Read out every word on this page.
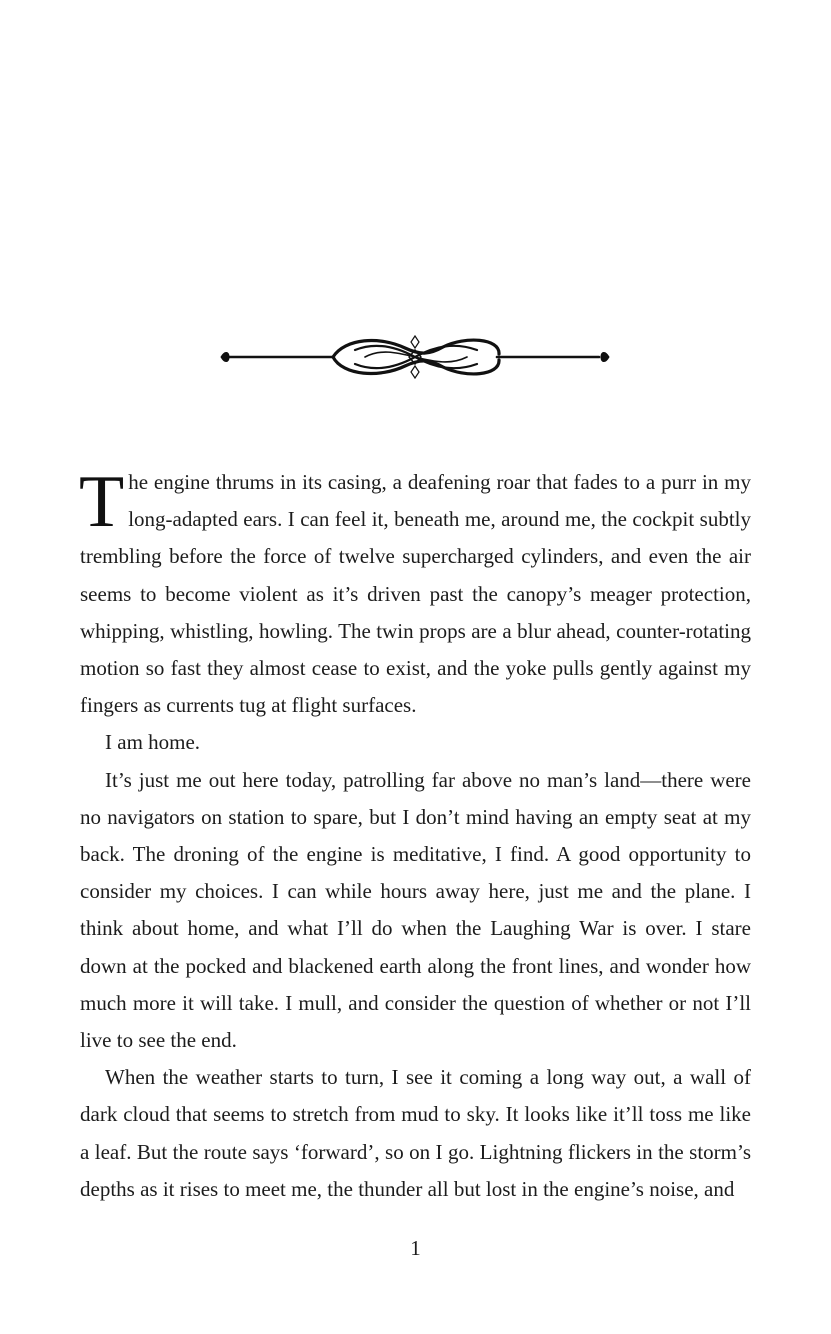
The engine thrums in its casing, a deafening roar that fades to a purr in my long-adapted ears. I can feel it, beneath me, around me, the cockpit subtly trembling before the force of twelve supercharged cylinders, and even the air seems to become violent as it’s driven past the canopy’s meager protection, whipping, whistling, howling. The twin props are a blur ahead, counter-rotating motion so fast they almost cease to exist, and the yoke pulls gently against my fingers as currents tug at flight surfaces.

I am home.

It’s just me out here today, patrolling far above no man’s land—there were no navigators on station to spare, but I don’t mind having an empty seat at my back. The droning of the engine is meditative, I find. A good opportunity to consider my choices. I can while hours away here, just me and the plane. I think about home, and what I’ll do when the Laughing War is over. I stare down at the pocked and blackened earth along the front lines, and wonder how much more it will take. I mull, and consider the question of whether or not I’ll live to see the end.

When the weather starts to turn, I see it coming a long way out, a wall of dark cloud that seems to stretch from mud to sky. It looks like it’ll toss me like a leaf. But the route says ‘forward’, so on I go. Lightning flickers in the storm’s depths as it rises to meet me, the thunder all but lost in the engine’s noise, and

1
